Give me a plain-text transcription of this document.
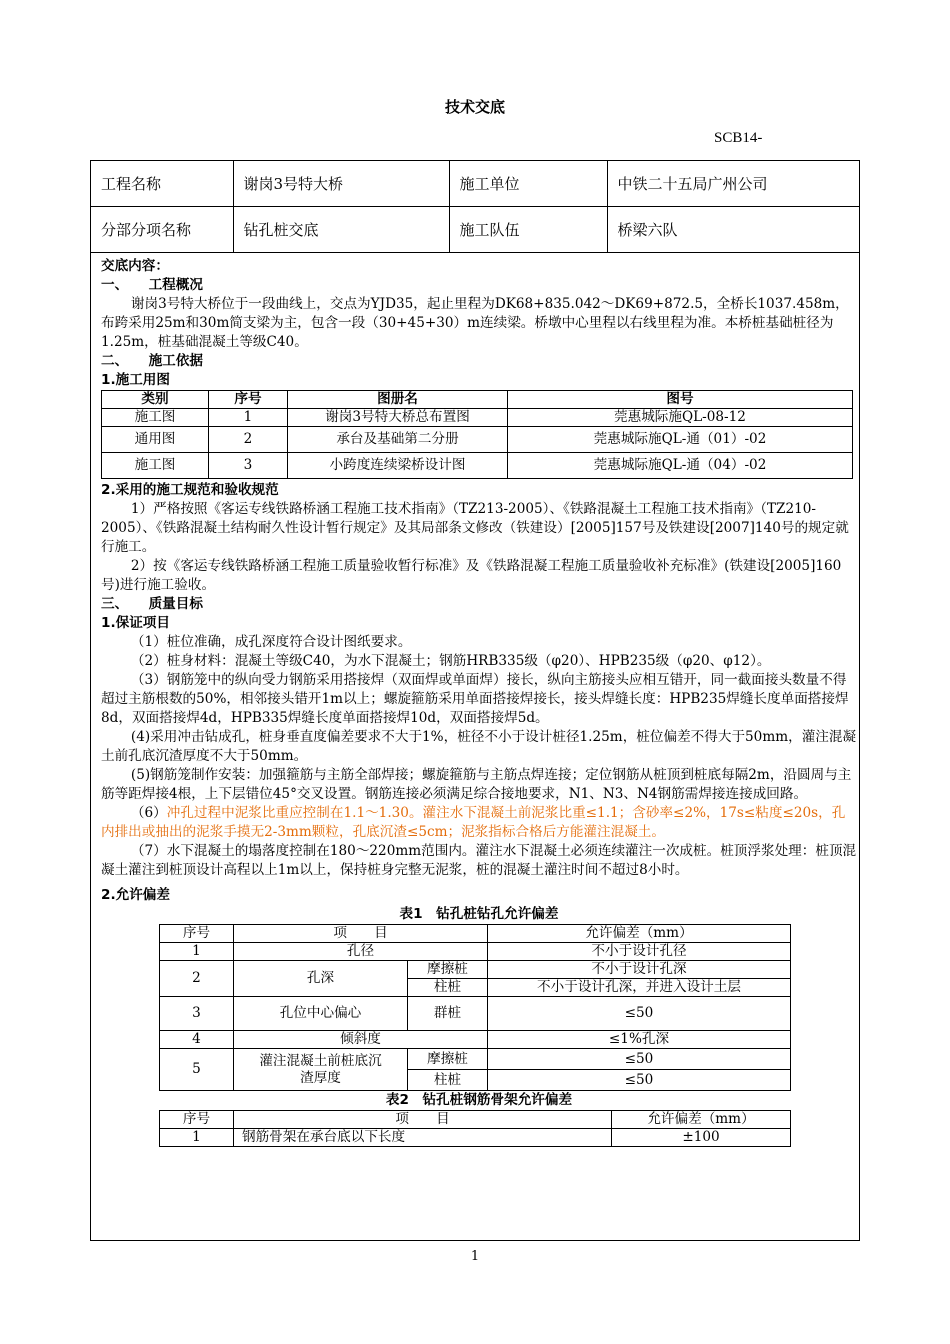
技术交底
SCB14-
工程名称	谢岗3号特大桥	施工单位	中铁二十五局广州公司
分部分项名称	钻孔桩交底	施工队伍	桥梁六队

交底内容：

一、　　工程概况

谢岗3号特大桥位于一段曲线上，交点为YJD35，起止里程为DK68+835.042～DK69+872.5，全桥长1037.458m，布跨采用25m和30m简支梁为主，包含一段（30+45+30）m连续梁。桥墩中心里程以右线里程为准。本桥桩基础桩径为1.25m，桩基础混凝土等级C40。

二、　　施工依据

1.施工用图

类别	序号	图册名	图号
施工图	1	谢岗3号特大桥总布置图	莞惠城际施QL-08-12
通用图	2	承台及基础第二分册	莞惠城际施QL-通（01）-02
施工图	3	小跨度连续梁桥设计图	莞惠城际施QL-通（04）-02

2.采用的施工规范和验收规范

1）严格按照《客运专线铁路桥涵工程施工技术指南》（TZ213-2005）、《铁路混凝土工程施工技术指南》（TZ210-2005）、《铁路混凝土结构耐久性设计暂行规定》及其局部条文修改（铁建设）[2005]157号及铁建设[2007]140号的规定就行施工。

2）按《客运专线铁路桥涵工程施工质量验收暂行标准》及《铁路混凝工程施工质量验收补充标准》(铁建设[2005]160号)进行施工验收。

三、　　质量目标

1.保证项目

（1）桩位准确，成孔深度符合设计图纸要求。

（2）桩身材料：混凝土等级C40，为水下混凝土；钢筋HRB335级（φ20）、HPB235级（φ20、φ12）。

（3）钢筋笼中的纵向受力钢筋采用搭接焊（双面焊或单面焊）接长，纵向主筋接头应相互错开，同一截面接头数量不得超过主筋根数的50%，相邻接头错开1m以上；螺旋箍筋采用单面搭接焊接长，接头焊缝长度：HPB235焊缝长度单面搭接焊8d，双面搭接焊4d，HPB335焊缝长度单面搭接焊10d，双面搭接焊5d。

(4)采用冲击钻成孔，桩身垂直度偏差要求不大于1%，桩径不小于设计桩径1.25m，桩位偏差不得大于50mm，灌注混凝土前孔底沉渣厚度不大于50mm。

(5)钢筋笼制作安装：加强箍筋与主筋全部焊接；螺旋箍筋与主筋点焊连接；定位钢筋从桩顶到桩底每隔2m，沿圆周与主筋等距焊接4根，上下层错位45°交叉设置。钢筋连接必须满足综合接地要求，N1、N3、N4钢筋需焊接连接成回路。

（6）冲孔过程中泥浆比重应控制在1.1～1.30。灌注水下混凝土前泥浆比重≤1.1；含砂率≤2%，17s≤粘度≤20s，孔内排出或抽出的泥浆手摸无2-3mm颗粒，孔底沉渣≤5cm；泥浆指标合格后方能灌注混凝土。

（7）水下混凝土的塌落度控制在180～220mm范围内。灌注水下混凝土必须连续灌注一次成桩。桩顶浮浆处理：桩顶混凝土灌注到桩顶设计高程以上1m以上，保持桩身完整无泥浆，桩的混凝土灌注时间不超过8小时。

2.允许偏差

表1　钻孔桩钻孔允许偏差
序号	项　　目		允许偏差（mm）
1	孔径		不小于设计孔径
2	孔深	摩擦桩	不小于设计孔深
		柱桩	不小于设计孔深，并进入设计土层
3	孔位中心偏心	群桩	≤50
4	倾斜度		≤1%孔深
5	灌注混凝土前桩底沉渣厚度	摩擦桩	≤50
		柱桩	≤50
表2　钻孔桩钢筋骨架允许偏差
序号	项　　目	允许偏差（mm）
1	钢筋骨架在承台底以下长度	±100
1
